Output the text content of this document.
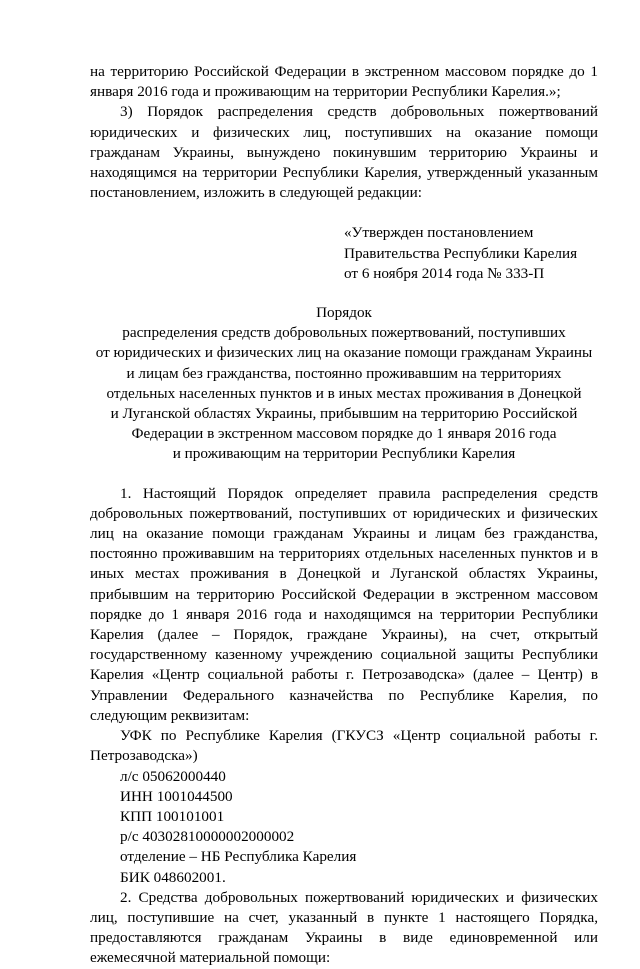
на территорию Российской Федерации в экстренном массовом порядке до 1 января 2016 года и проживающим на территории Республики Карелия.»;

3) Порядок распределения средств добровольных пожертвований юридических и физических лиц, поступивших на оказание помощи гражданам Украины, вынуждено покинувшим территорию Украины и находящимся на территории Республики Карелия, утвержденный указанным постановлением, изложить в следующей редакции:

«Утвержден постановлением
Правительства Республики Карелия
от 6 ноября 2014 года № 333-П
Порядок
распределения средств добровольных пожертвований, поступивших
от юридических и физических лиц на оказание помощи гражданам Украины
и лицам без гражданства, постоянно проживавшим на территориях
отдельных населенных пунктов и в иных местах проживания в Донецкой
и Луганской областях Украины, прибывшим на территорию Российской
Федерации в экстренном массовом порядке до 1 января 2016 года
и проживающим на территории Республики Карелия

1. Настоящий Порядок определяет правила распределения средств добровольных пожертвований, поступивших от юридических и физических лиц на оказание помощи гражданам Украины и лицам без гражданства, постоянно проживавшим на территориях отдельных населенных пунктов и в иных местах проживания в Донецкой и Луганской областях Украины, прибывшим на территорию Российской Федерации в экстренном массовом порядке до 1 января 2016 года и находящимся на территории Республики Карелия (далее – Порядок, граждане Украины), на счет, открытый государственному казенному учреждению социальной защиты Республики Карелия «Центр социальной работы г. Петрозаводска» (далее – Центр) в Управлении Федерального казначейства по Республике Карелия, по следующим реквизитам:

УФК по Республике Карелия (ГКУСЗ «Центр социальной работы г. Петрозаводска»)

л/с 05062000440
ИНН 1001044500
КПП 100101001
р/с 40302810000002000002
отделение – НБ Республика Карелия
БИК 048602001.

2. Средства добровольных пожертвований юридических и физических лиц, поступившие на счет, указанный в пункте 1 настоящего Порядка, предоставляются гражданам Украины в виде единовременной или ежемесячной материальной помощи:
